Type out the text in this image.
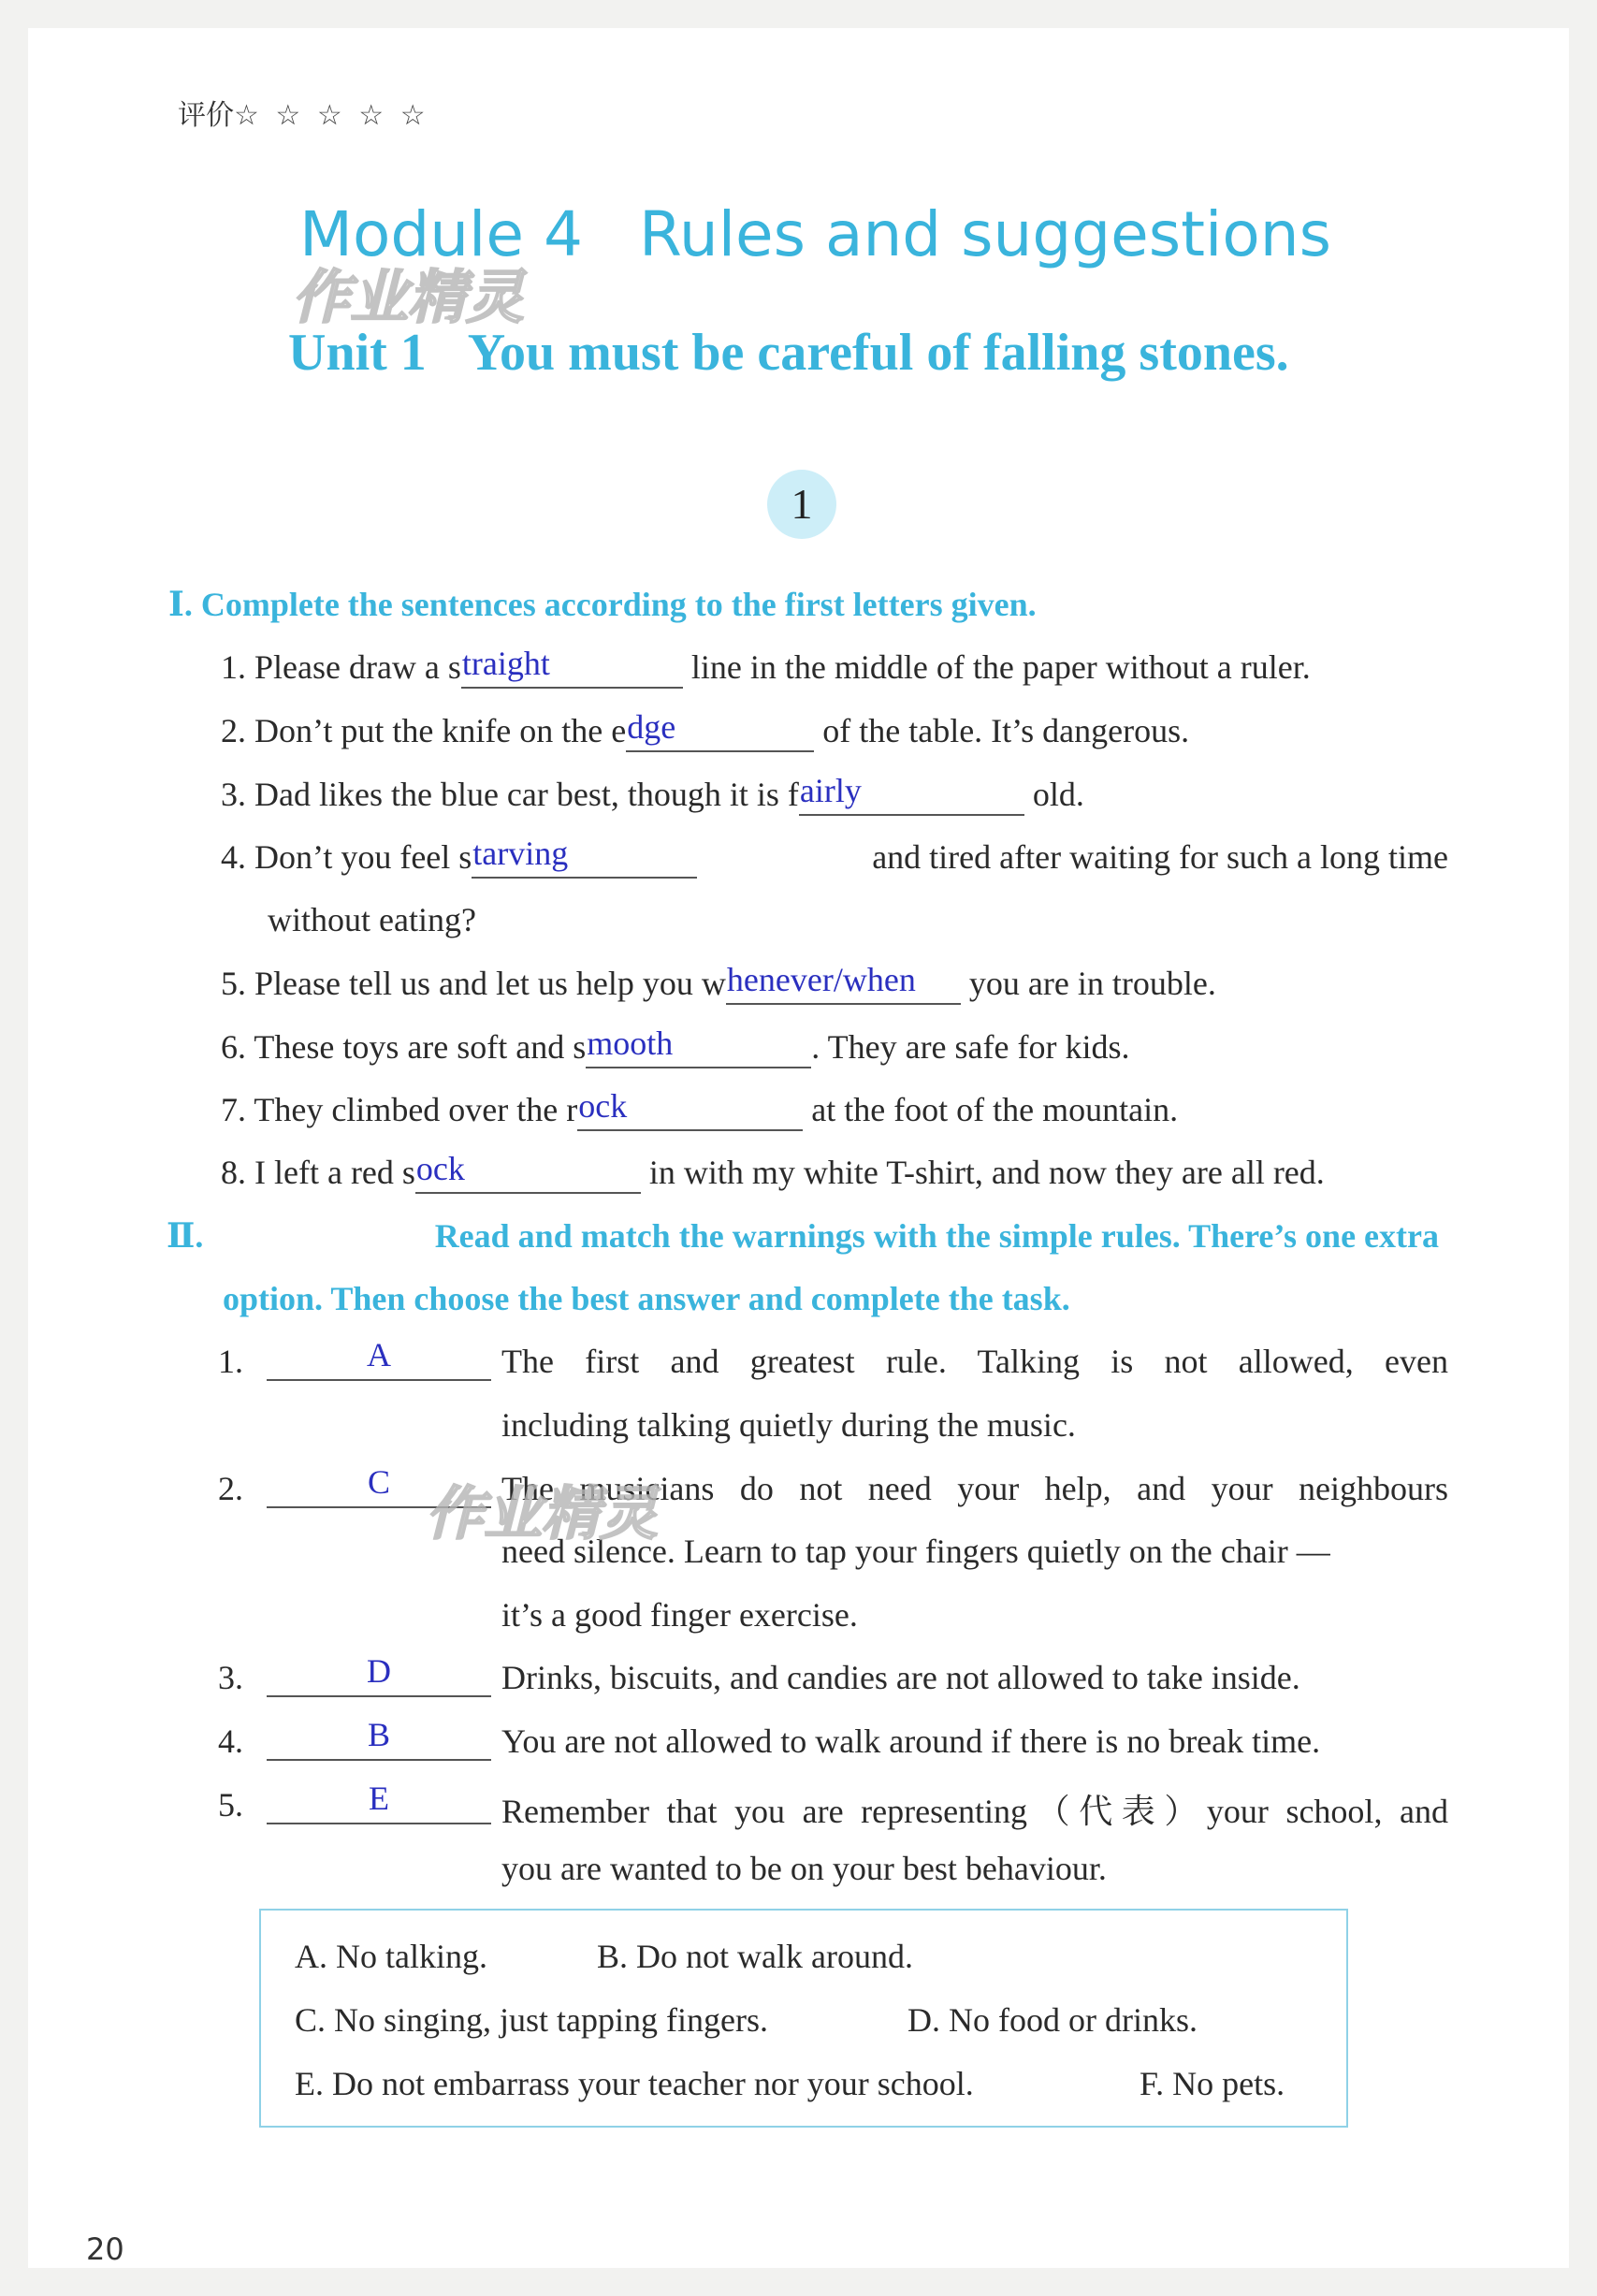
评价☆ ☆ ☆ ☆ ☆
Module 4 Rules and suggestions
作业精灵
Unit 1 You must be careful of falling stones.
1
Ⅰ. Complete the sentences according to the first letters given.
1. Please draw a straight	line in the middle of the paper without a ruler.
2. Don’t put the knife on the edge	of the table. It’s dangerous.
3. Dad likes the blue car best, though it is fairly	old.
4. Don’t you feel starving	and tired after waiting for such a long time
without eating?
5. Please tell us and let us help you whenever/when you are in trouble.
6. These toys are soft and smooth	. They are safe for kids.
7. They climbed over the rock	at the foot of the mountain.
8. I left a red sock	in with my white T-shirt, and now they are all red.
Ⅱ.	Read and match the warnings with the simple rules. There’s one extra
option. Then choose the best answer and complete the task.
1.	A	The first and greatest rule. Talking is not allowed, even
including talking quietly during the music.
2.	C	The musicians do not need your help, and your neighbours
need silence. Learn to tap your fingers quietly on the chair —
it’s a good finger exercise.
作业精灵
3.	D	Drinks, biscuits, and candies are not allowed to take inside.
4.	B	You are not allowed to walk around if there is no break time.
5.	E	Remember that you are representing（代表）your school, and
you are wanted to be on your best behaviour.
A. No talking.	B. Do not walk around.
C. No singing, just tapping fingers.	D. No food or drinks.
E. Do not embarrass your teacher nor your school.	F. No pets.
20
